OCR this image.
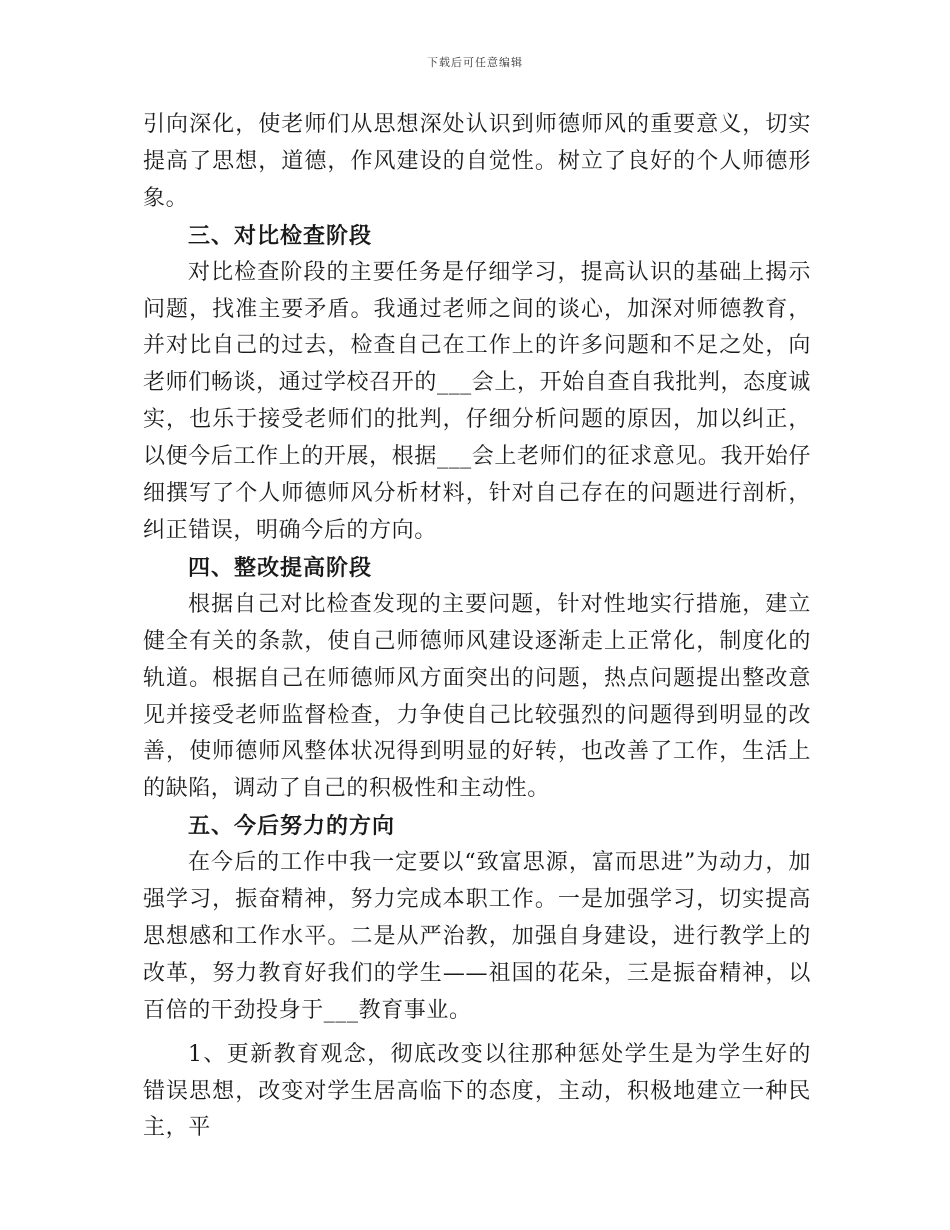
下载后可任意编辑

引向深化，使老师们从思想深处认识到师德师风的重要意义，切实提高了思想，道德，作风建设的自觉性。树立了良好的个人师德形象。

三、对比检查阶段

对比检查阶段的主要任务是仔细学习，提高认识的基础上揭示问题，找准主要矛盾。我通过老师之间的谈心，加深对师德教育，并对比自己的过去，检查自己在工作上的许多问题和不足之处，向老师们畅谈，通过学校召开的___会上，开始自查自我批判，态度诚实，也乐于接受老师们的批判，仔细分析问题的原因，加以纠正，以便今后工作上的开展，根据___会上老师们的征求意见。我开始仔细撰写了个人师德师风分析材料，针对自己存在的问题进行剖析，纠正错误，明确今后的方向。

四、整改提高阶段

根据自己对比检查发现的主要问题，针对性地实行措施，建立健全有关的条款，使自己师德师风建设逐渐走上正常化，制度化的轨道。根据自己在师德师风方面突出的问题，热点问题提出整改意见并接受老师监督检查，力争使自己比较强烈的问题得到明显的改善，使师德师风整体状况得到明显的好转，也改善了工作，生活上的缺陷，调动了自己的积极性和主动性。

五、今后努力的方向

在今后的工作中我一定要以“致富思源，富而思进”为动力，加强学习，振奋精神，努力完成本职工作。一是加强学习，切实提高思想感和工作水平。二是从严治教，加强自身建设，进行教学上的改革，努力教育好我们的学生——祖国的花朵，三是振奋精神，以百倍的干劲投身于___教育事业。

1、更新教育观念，彻底改变以往那种惩处学生是为学生好的错误思想，改变对学生居高临下的态度，主动，积极地建立一种民主，平
